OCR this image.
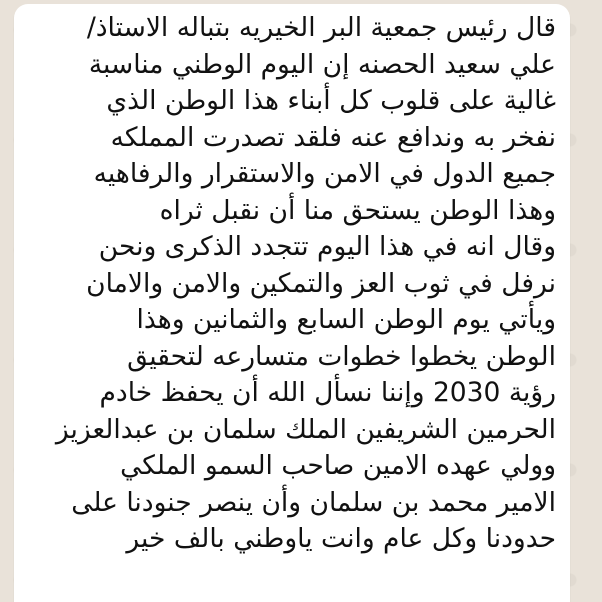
قال رئيس جمعية البر الخيريه بتباله الاستاذ/
علي سعيد الحصنه إن اليوم الوطني مناسبة
غالية على قلوب كل أبناء هذا الوطن الذي
نفخر به وندافع عنه فلقد تصدرت المملكه
جميع الدول في الامن والاستقرار والرفاهيه
وهذا الوطن يستحق منا أن نقبل ثراه
وقال انه في هذا اليوم تتجدد الذكرى ونحن
نرفل في ثوب العز والتمكين والامن والامان
ويأتي يوم الوطن السابع والثمانين وهذا
الوطن يخطوا خطوات متسارعه لتحقيق
رؤية 2030 وإننا نسأل الله أن يحفظ خادم
الحرمين الشريفين الملك سلمان بن عبدالعزيز
وولي عهده الامين صاحب السمو الملكي
الامير محمد بن سلمان وأن ينصر جنودنا على
حدودنا وكل عام وانت ياوطني بالف خير
